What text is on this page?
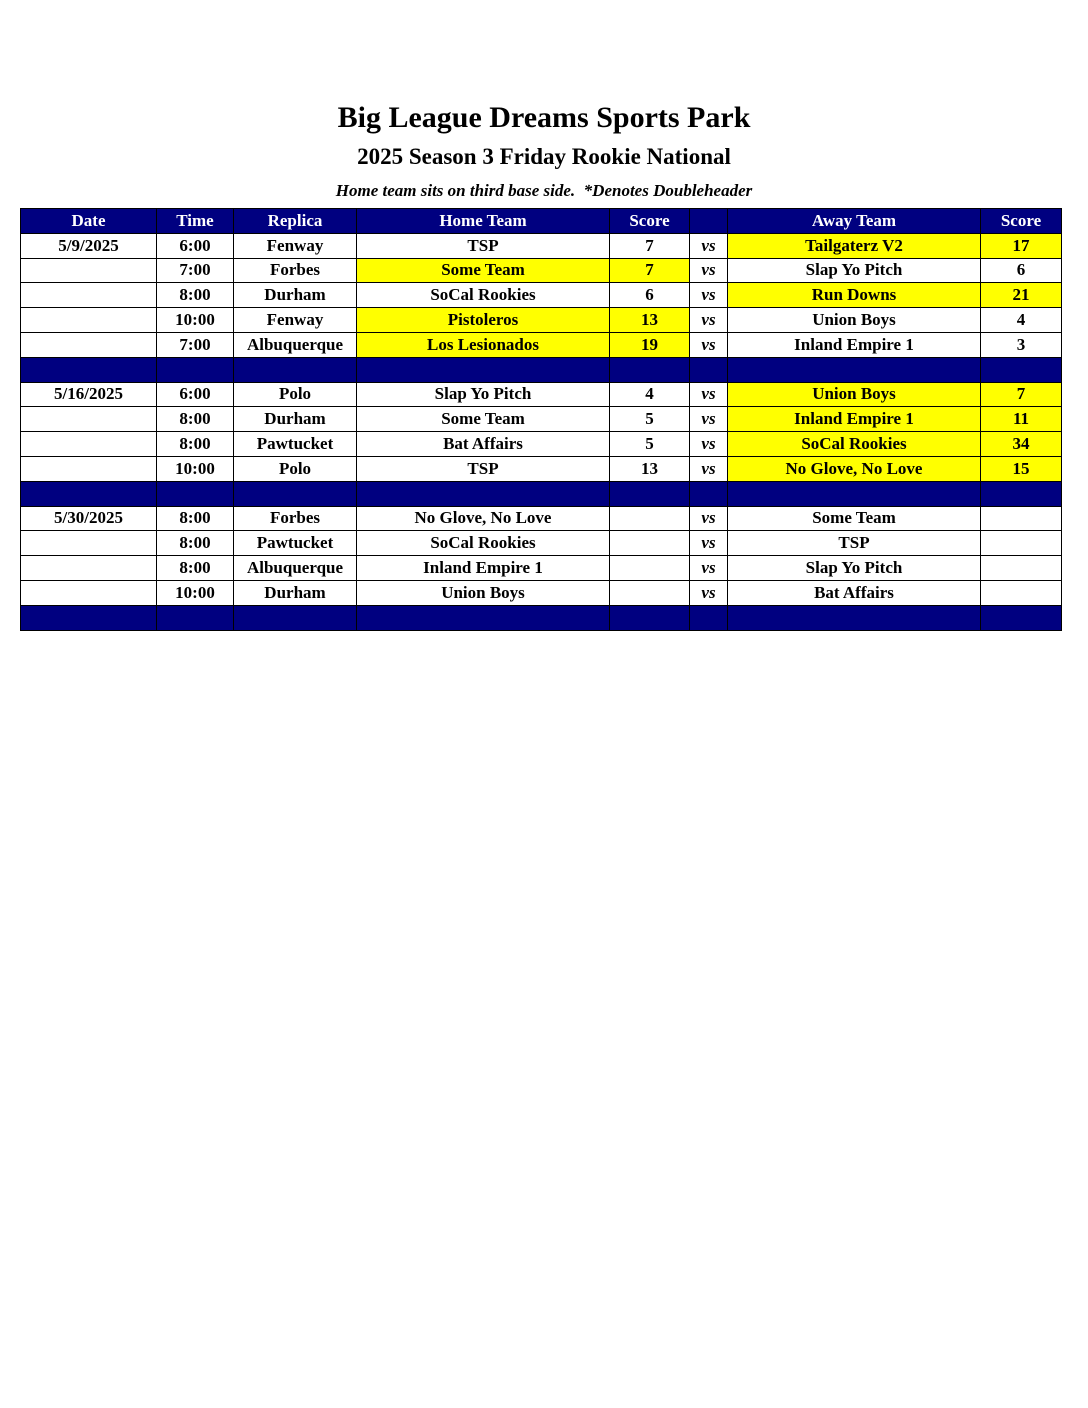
Big League Dreams Sports Park
2025 Season 3 Friday Rookie National
Home team sits on third base side.  *Denotes Doubleheader
Date	Time	Replica	Home Team	Score		Away Team	Score
5/9/2025	6:00	Fenway	TSP	7	vs	Tailgaterz V2	17
	7:00	Forbes	Some Team	7	vs	Slap Yo Pitch	6
	8:00	Durham	SoCal Rookies	6	vs	Run Downs	21
	10:00	Fenway	Pistoleros	13	vs	Union Boys	4
	7:00	Albuquerque	Los Lesionados	19	vs	Inland Empire 1	3

5/16/2025	6:00	Polo	Slap Yo Pitch	4	vs	Union Boys	7
	8:00	Durham	Some Team	5	vs	Inland Empire 1	11
	8:00	Pawtucket	Bat Affairs	5	vs	SoCal Rookies	34
	10:00	Polo	TSP	13	vs	No Glove, No Love	15

5/30/2025	8:00	Forbes	No Glove, No Love		vs	Some Team	
	8:00	Pawtucket	SoCal Rookies		vs	TSP	
	8:00	Albuquerque	Inland Empire 1		vs	Slap Yo Pitch	
	10:00	Durham	Union Boys		vs	Bat Affairs	
